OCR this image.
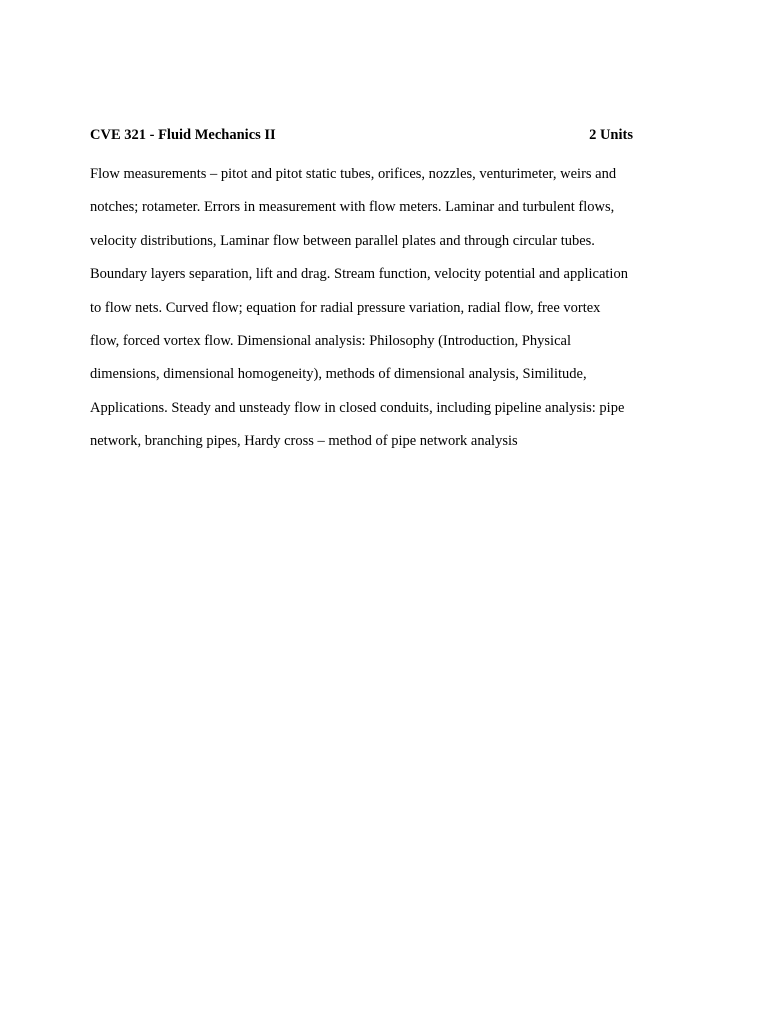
CVE 321 - Fluid Mechanics II	2 Units
Flow measurements – pitot and pitot static tubes, orifices, nozzles, venturimeter, weirs and
notches; rotameter. Errors in measurement with flow meters. Laminar and turbulent flows,
velocity distributions, Laminar flow between parallel plates and through circular tubes.
Boundary layers separation, lift and drag. Stream function, velocity potential and application
to flow nets. Curved flow; equation for radial pressure variation, radial flow, free vortex
flow, forced vortex flow. Dimensional analysis: Philosophy (Introduction, Physical
dimensions, dimensional homogeneity), methods of dimensional analysis, Similitude,
Applications. Steady and unsteady flow in closed conduits, including pipeline analysis: pipe
network, branching pipes, Hardy cross – method of pipe network analysis
